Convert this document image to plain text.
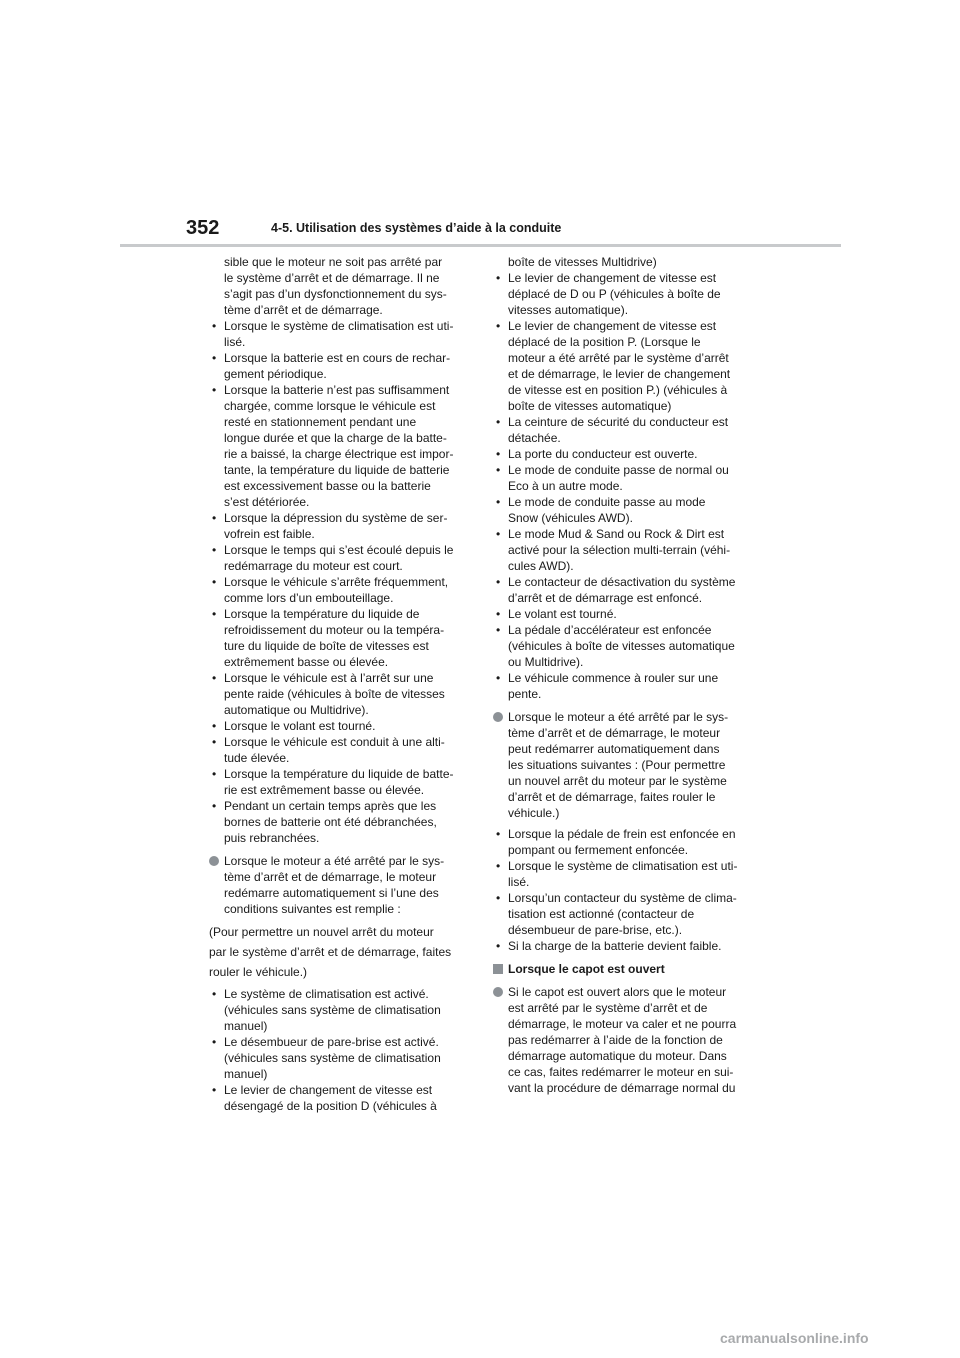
352	4-5. Utilisation des systèmes d’aide à la conduite
sible que le moteur ne soit pas arrêté par
le système d’arrêt et de démarrage. Il ne
s’agit pas d’un dysfonctionnement du sys-
tème d’arrêt et de démarrage.
• Lorsque le système de climatisation est uti-
lisé.
• Lorsque la batterie est en cours de rechar-
gement périodique.
• Lorsque la batterie n’est pas suffisamment
chargée, comme lorsque le véhicule est
resté en stationnement pendant une
longue durée et que la charge de la batte-
rie a baissé, la charge électrique est impor-
tante, la température du liquide de batterie
est excessivement basse ou la batterie
s’est détériorée.
• Lorsque la dépression du système de ser-
vofrein est faible.
• Lorsque le temps qui s’est écoulé depuis le
redémarrage du moteur est court.
• Lorsque le véhicule s’arrête fréquemment,
comme lors d’un embouteillage.
• Lorsque la température du liquide de
refroidissement du moteur ou la tempéra-
ture du liquide de boîte de vitesses est
extrêmement basse ou élevée.
• Lorsque le véhicule est à l’arrêt sur une
pente raide (véhicules à boîte de vitesses
automatique ou Multidrive).
• Lorsque le volant est tourné.
• Lorsque le véhicule est conduit à une alti-
tude élevée.
• Lorsque la température du liquide de batte-
rie est extrêmement basse ou élevée.
• Pendant un certain temps après que les
bornes de batterie ont été débranchées,
puis rebranchées.
Lorsque le moteur a été arrêté par le sys-
tème d’arrêt et de démarrage, le moteur
redémarre automatiquement si l’une des
conditions suivantes est remplie :
(Pour permettre un nouvel arrêt du moteur
par le système d’arrêt et de démarrage, faites
rouler le véhicule.)
• Le système de climatisation est activé.
(véhicules sans système de climatisation
manuel)
• Le désembueur de pare-brise est activé.
(véhicules sans système de climatisation
manuel)
• Le levier de changement de vitesse est
désengagé de la position D (véhicules à
boîte de vitesses Multidrive)
• Le levier de changement de vitesse est
déplacé de D ou P (véhicules à boîte de
vitesses automatique).
• Le levier de changement de vitesse est
déplacé de la position P. (Lorsque le
moteur a été arrêté par le système d’arrêt
et de démarrage, le levier de changement
de vitesse est en position P.) (véhicules à
boîte de vitesses automatique)
• La ceinture de sécurité du conducteur est
détachée.
• La porte du conducteur est ouverte.
• Le mode de conduite passe de normal ou
Eco à un autre mode.
• Le mode de conduite passe au mode
Snow (véhicules AWD).
• Le mode Mud & Sand ou Rock & Dirt est
activé pour la sélection multi-terrain (véhi-
cules AWD).
• Le contacteur de désactivation du système
d’arrêt et de démarrage est enfoncé.
• Le volant est tourné.
• La pédale d’accélérateur est enfoncée
(véhicules à boîte de vitesses automatique
ou Multidrive).
• Le véhicule commence à rouler sur une
pente.
Lorsque le moteur a été arrêté par le sys-
tème d’arrêt et de démarrage, le moteur
peut redémarrer automatiquement dans
les situations suivantes : (Pour permettre
un nouvel arrêt du moteur par le système
d’arrêt et de démarrage, faites rouler le
véhicule.)
• Lorsque la pédale de frein est enfoncée en
pompant ou fermement enfoncée.
• Lorsque le système de climatisation est uti-
lisé.
• Lorsqu’un contacteur du système de clima-
tisation est actionné (contacteur de
désembueur de pare-brise, etc.).
• Si la charge de la batterie devient faible.
Lorsque le capot est ouvert
Si le capot est ouvert alors que le moteur
est arrêté par le système d’arrêt et de
démarrage, le moteur va caler et ne pourra
pas redémarrer à l’aide de la fonction de
démarrage automatique du moteur. Dans
ce cas, faites redémarrer le moteur en sui-
vant la procédure de démarrage normal du
carmanualsonline.info
